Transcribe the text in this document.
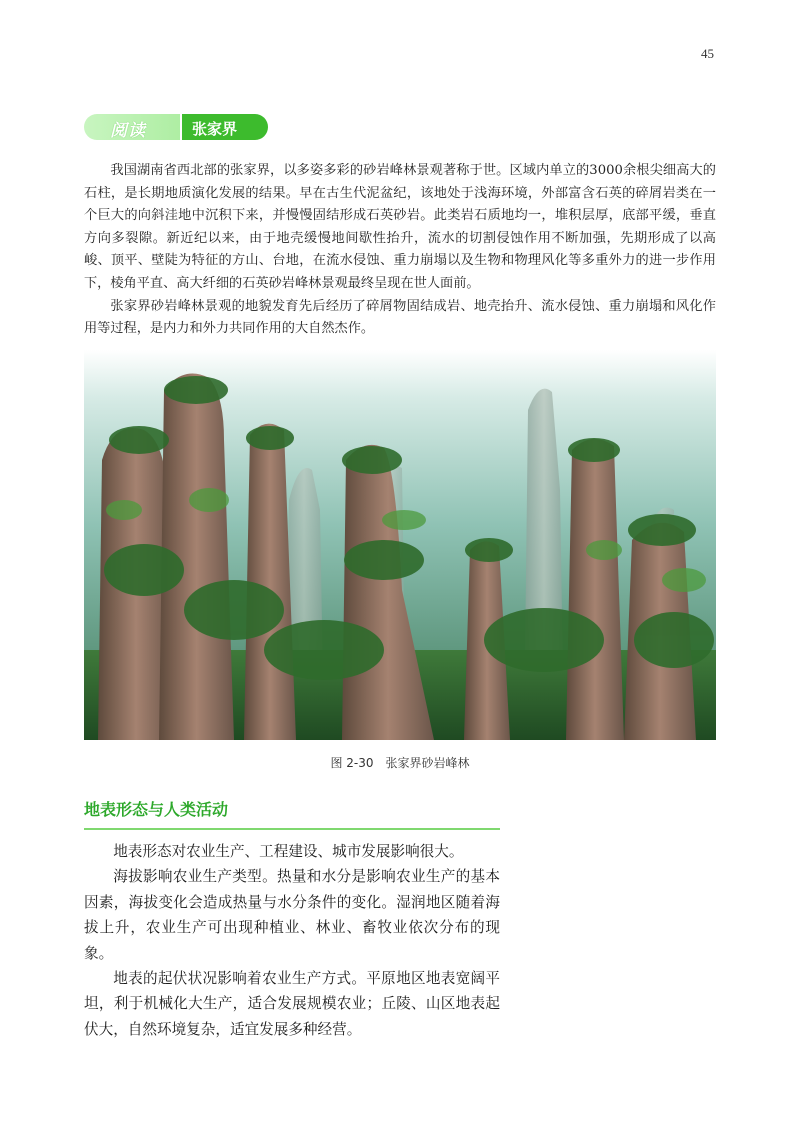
45
阅读	张家界

我国湖南省西北部的张家界，以多姿多彩的砂岩峰林景观著称于世。区域内单立的3000余根尖细高大的石柱，是长期地质演化发展的结果。早在古生代泥盆纪，该地处于浅海环境，外部富含石英的碎屑岩类在一个巨大的向斜洼地中沉积下来，并慢慢固结形成石英砂岩。此类岩石质地均一，堆积层厚，底部平缓，垂直方向多裂隙。新近纪以来，由于地壳缓慢地间歇性抬升，流水的切割侵蚀作用不断加强，先期形成了以高峻、顶平、壁陡为特征的方山、台地，在流水侵蚀、重力崩塌以及生物和物理风化等多重外力的进一步作用下，棱角平直、高大纤细的石英砂岩峰林景观最终呈现在世人面前。

张家界砂岩峰林景观的地貌发育先后经历了碎屑物固结成岩、地壳抬升、流水侵蚀、重力崩塌和风化作用等过程，是内力和外力共同作用的大自然杰作。

图 2-30 张家界砂岩峰林
地表形态与人类活动

地表形态对农业生产、工程建设、城市发展影响很大。

海拔影响农业生产类型。热量和水分是影响农业生产的基本因素，海拔变化会造成热量与水分条件的变化。湿润地区随着海拔上升，农业生产可出现种植业、林业、畜牧业依次分布的现象。

地表的起伏状况影响着农业生产方式。平原地区地表宽阔平坦，利于机械化大生产，适合发展规模农业；丘陵、山区地表起伏大，自然环境复杂，适宜发展多种经营。
